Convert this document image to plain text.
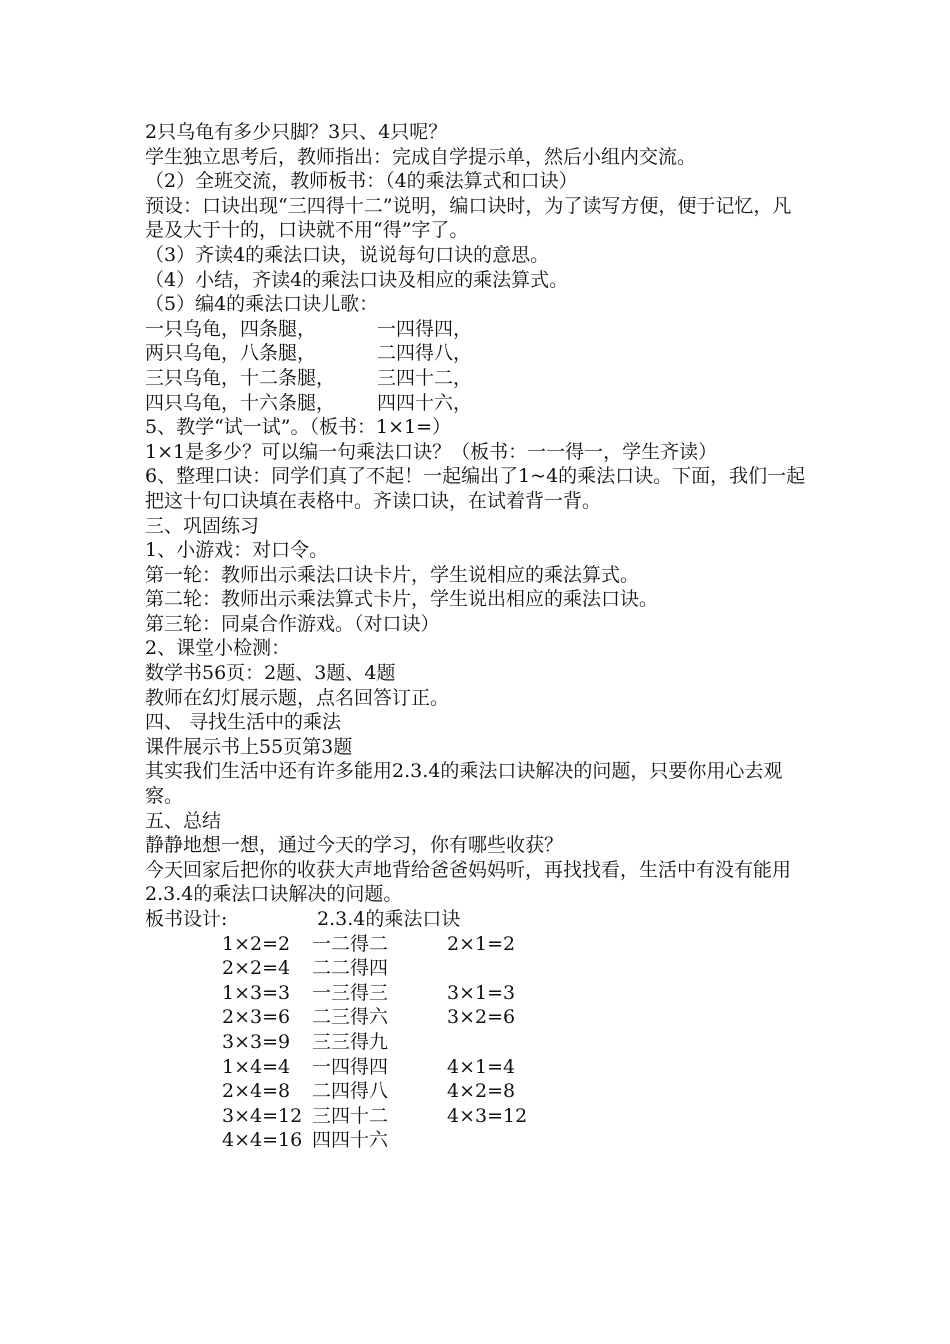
2只乌龟有多少只脚？3只、4只呢？
学生独立思考后，教师指出：完成自学提示单，然后小组内交流。
（2）全班交流，教师板书：（4的乘法算式和口诀）
预设：口诀出现“三四得十二”说明，编口诀时，为了读写方便，便于记忆，凡是及大于十的，口诀就不用“得”字了。
（3）齐读4的乘法口诀，说说每句口诀的意思。
（4）小结，齐读4的乘法口诀及相应的乘法算式。
（5）编4的乘法口诀儿歌：
一只乌龟，四条腿，	一四得四，
两只乌龟，八条腿，	二四得八，
三只乌龟，十二条腿，	三四十二，
四只乌龟，十六条腿，	四四十六，
5、教学“试一试”。（板书：1×1=）
1×1是多少？可以编一句乘法口诀？（板书：一一得一，学生齐读）
6、整理口诀：同学们真了不起！一起编出了1~4的乘法口诀。下面，我们一起把这十句口诀填在表格中。齐读口诀，在试着背一背。
三、巩固练习
1、小游戏：对口令。
第一轮：教师出示乘法口诀卡片，学生说相应的乘法算式。
第二轮：教师出示乘法算式卡片，学生说出相应的乘法口诀。
第三轮：同桌合作游戏。（对口诀）
2、课堂小检测：
数学书56页：2题、3题、4题
教师在幻灯展示题，点名回答订正。
四、 寻找生活中的乘法
课件展示书上55页第3题
其实我们生活中还有许多能用2.3.4的乘法口诀解决的问题，只要你用心去观察。
五、总结
静静地想一想，通过今天的学习，你有哪些收获？
今天回家后把你的收获大声地背给爸爸妈妈听，再找找看，生活中有没有能用2.3.4的乘法口诀解决的问题。
板书设计:	2.3.4的乘法口诀
1×2=2	一二得二	2×1=2
2×2=4	二二得四
1×3=3	一三得三	3×1=3
2×3=6	二三得六	3×2=6
3×3=9	三三得九
1×4=4	一四得四	4×1=4
2×4=8	二四得八	4×2=8
3×4=12 三四十二	4×3=12
4×4=16 四四十六
